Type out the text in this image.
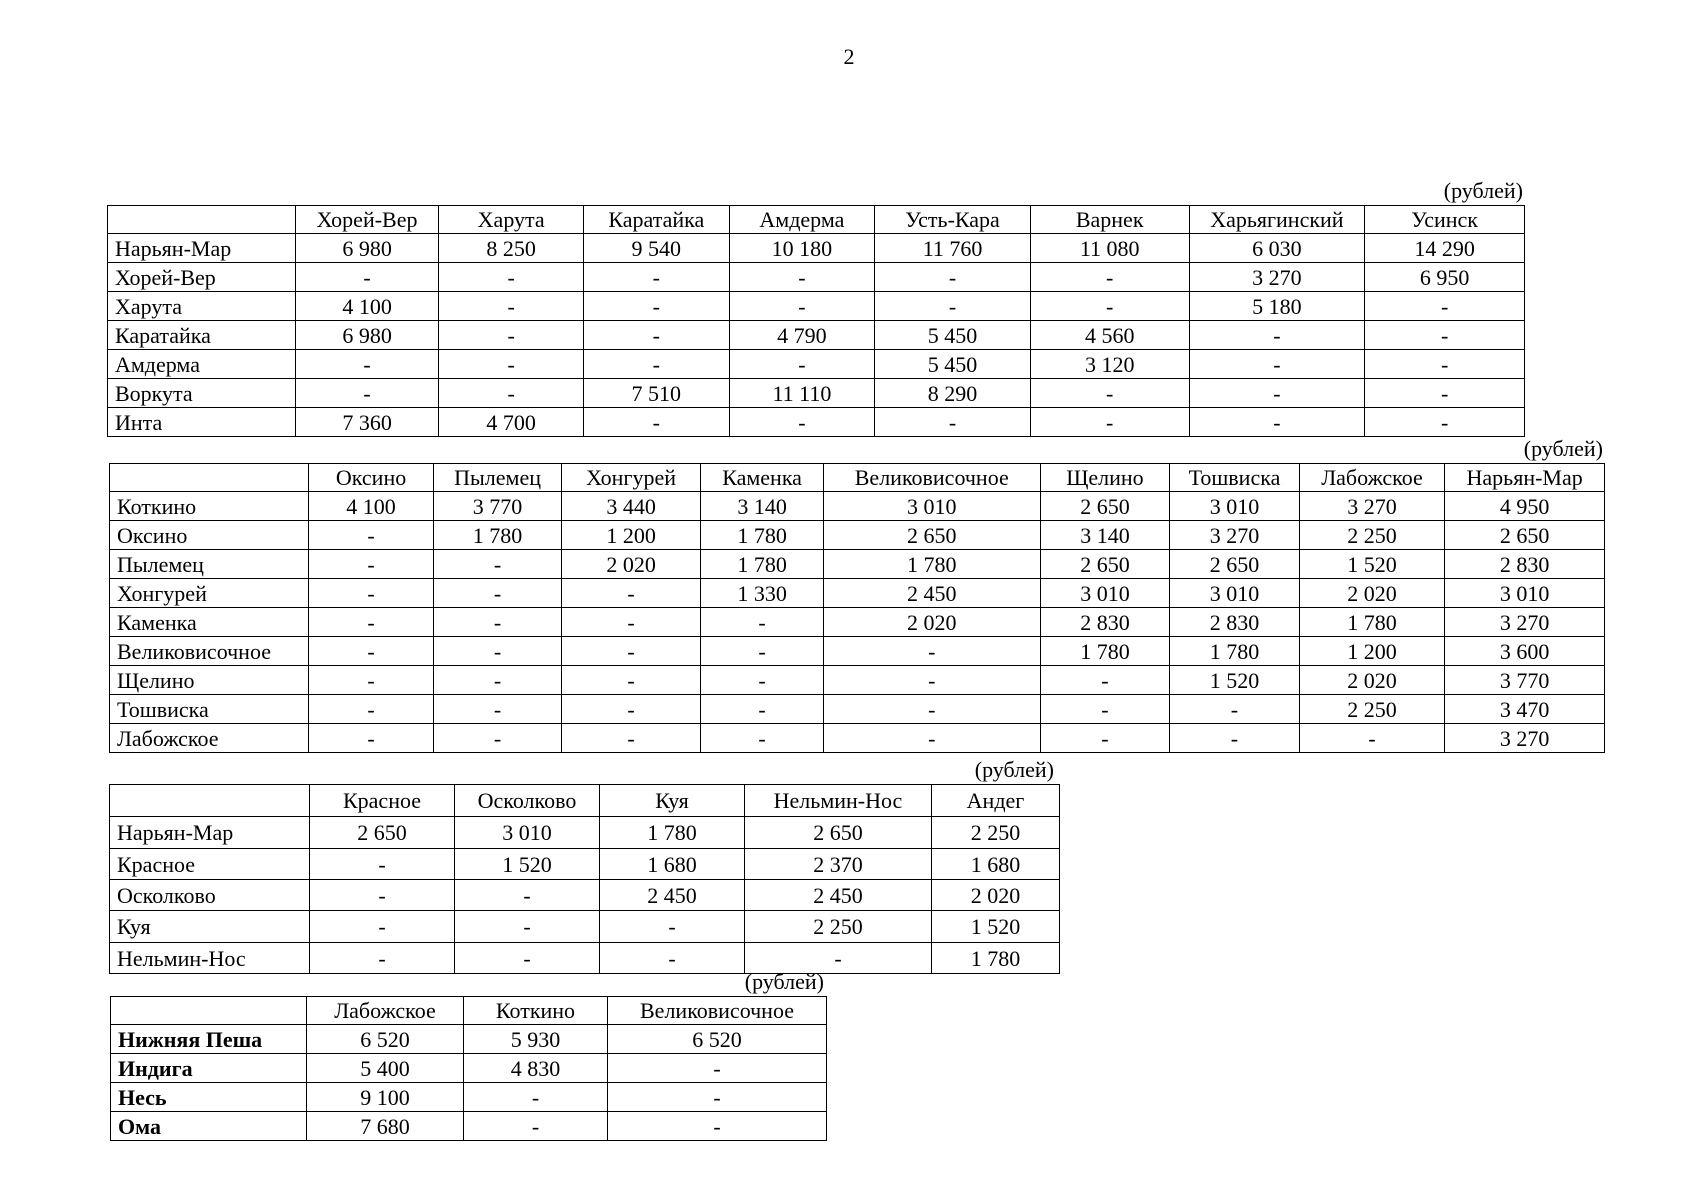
2
(рублей)
	Хорей-Вер	Харута	Каратайка	Амдерма	Усть-Кара	Варнек	Харьягинский	Усинск
Нарьян-Мар	6 980	8 250	9 540	10 180	11 760	11 080	6 030	14 290
Хорей-Вер	-	-	-	-	-	-	3 270	6 950
Харута	4 100	-	-	-	-	-	5 180	-
Каратайка	6 980	-	-	4 790	5 450	4 560	-	-
Амдерма	-	-	-	-	5 450	3 120	-	-
Воркута	-	-	7 510	11 110	8 290	-	-	-
Инта	7 360	4 700	-	-	-	-	-	-
(рублей)
	Оксино	Пылемец	Хонгурей	Каменка	Великовисочное	Щелино	Тошвиска	Лабожское	Нарьян-Мар
Коткино	4 100	3 770	3 440	3 140	3 010	2 650	3 010	3 270	4 950
Оксино	-	1 780	1 200	1 780	2 650	3 140	3 270	2 250	2 650
Пылемец	-	-	2 020	1 780	1 780	2 650	2 650	1 520	2 830
Хонгурей	-	-	-	1 330	2 450	3 010	3 010	2 020	3 010
Каменка	-	-	-	-	2 020	2 830	2 830	1 780	3 270
Великовисочное	-	-	-	-	-	1 780	1 780	1 200	3 600
Щелино	-	-	-	-	-	-	1 520	2 020	3 770
Тошвиска	-	-	-	-	-	-	-	2 250	3 470
Лабожское	-	-	-	-	-	-	-	-	3 270
(рублей)
	Красное	Осколково	Куя	Нельмин-Нос	Андег
Нарьян-Мар	2 650	3 010	1 780	2 650	2 250
Красное	-	1 520	1 680	2 370	1 680
Осколково	-	-	2 450	2 450	2 020
Куя	-	-	-	2 250	1 520
Нельмин-Нос	-	-	-	-	1 780
(рублей)
	Лабожское	Коткино	Великовисочное
Нижняя Пеша	6 520	5 930	6 520
Индига	5 400	4 830	-
Несь	9 100	-	-
Ома	7 680	-	-
